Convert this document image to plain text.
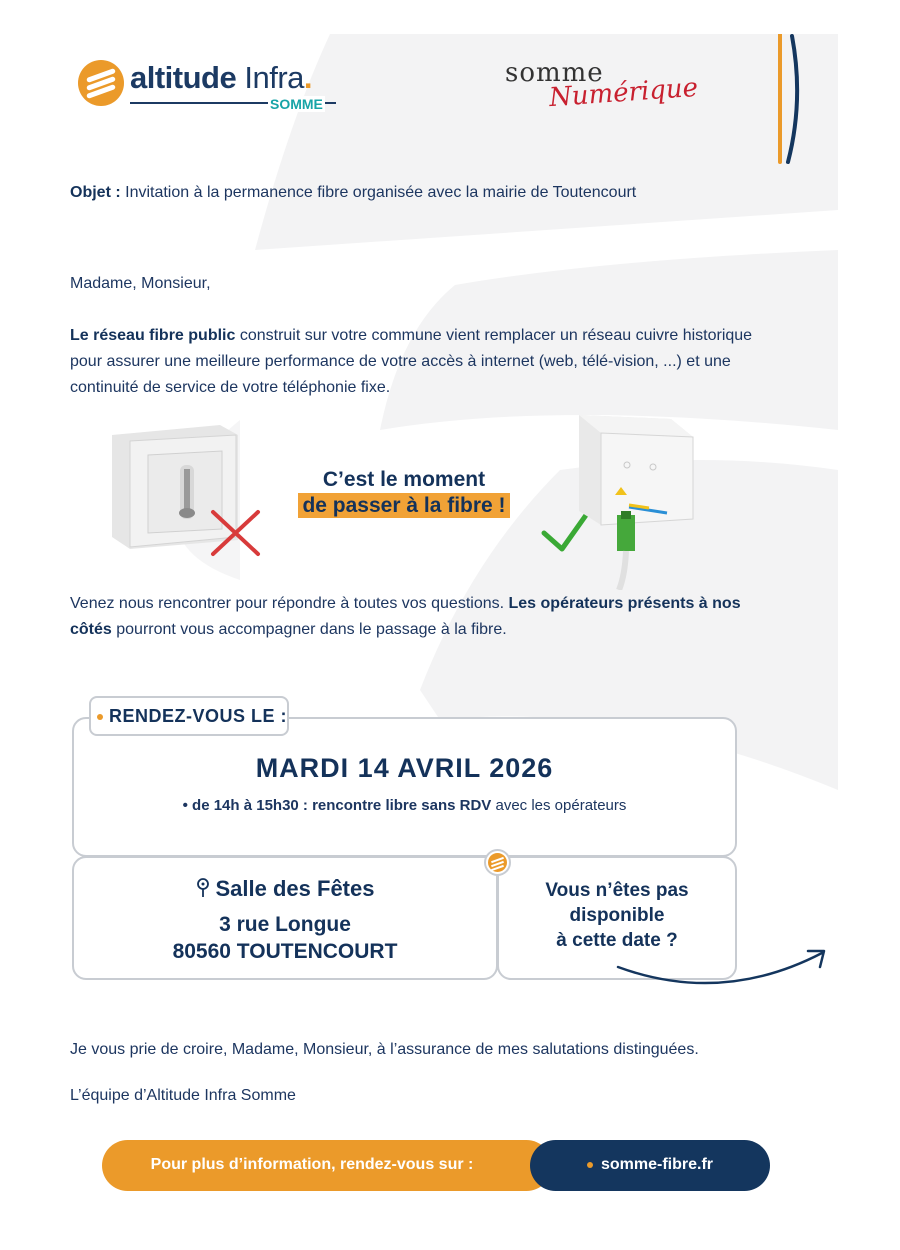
altitude Infra.
SOMME
somme
Numérique
Objet : Invitation à la permanence fibre organisée avec la mairie de Toutencourt
Madame, Monsieur,
Le réseau fibre public construit sur votre commune vient remplacer un réseau cuivre historique pour assurer une meilleure performance de votre accès à internet (web, télé-vision, ...) et une continuité de service de votre téléphonie fixe.
C’est le moment
de passer à la fibre !
Venez nous rencontrer pour répondre à toutes vos questions. Les opérateurs présents à nos côtés pourront vous accompagner dans le passage à la fibre.
RENDEZ-VOUS LE :
MARDI 14 AVRIL 2026
• de 14h à 15h30 : rencontre libre sans RDV avec les opérateurs
Salle des Fêtes
3 rue Longue
80560 TOUTENCOURT
Vous n’êtes pas
disponible
à cette date ?
Je vous prie de croire, Madame, Monsieur, à l’assurance de mes salutations distinguées.
L’équipe d’Altitude Infra Somme
Pour plus d’information, rendez-vous sur :	somme-fibre.fr
